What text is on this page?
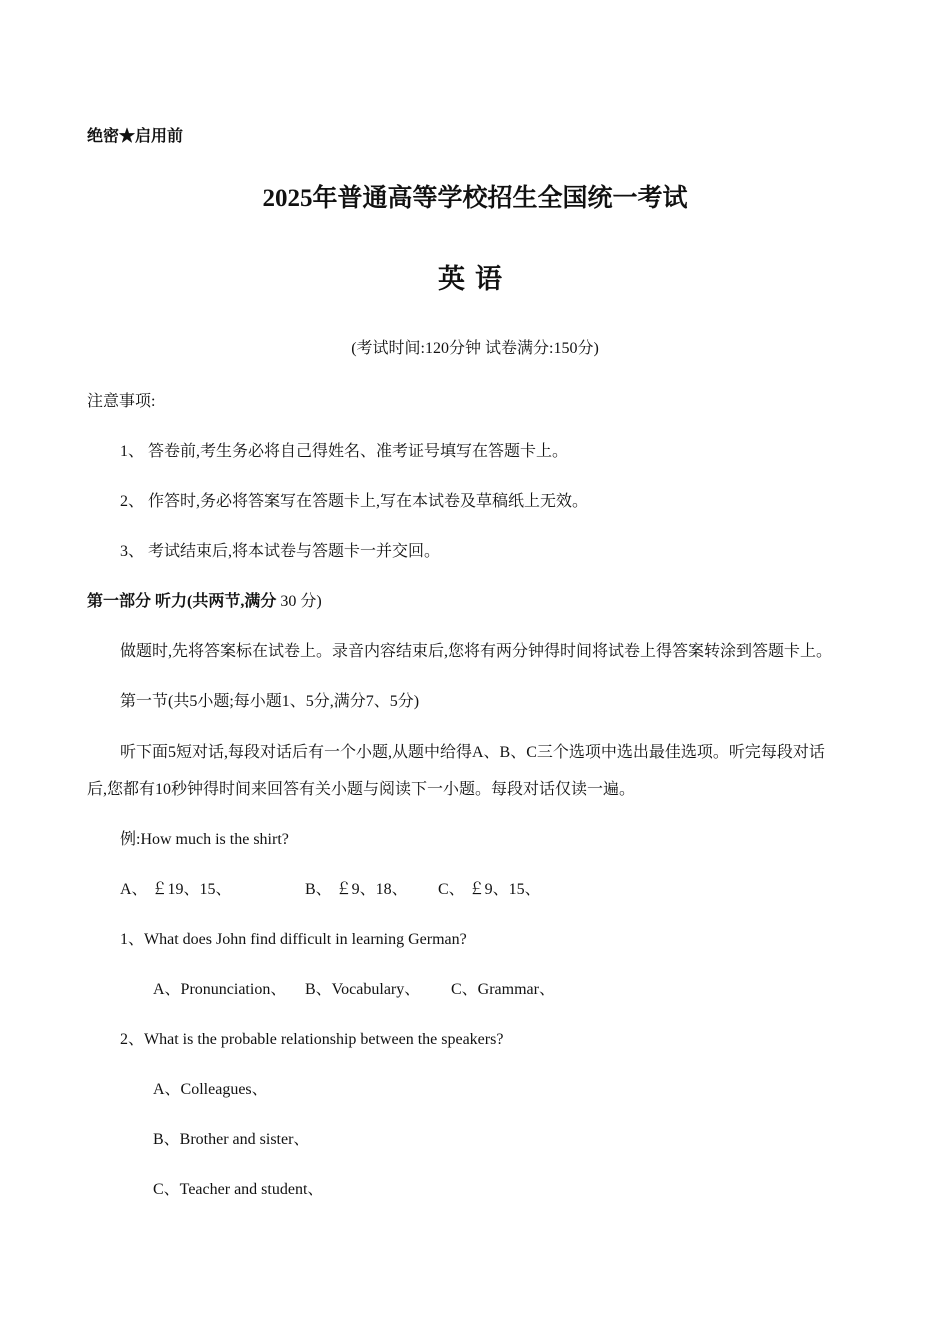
绝密★启用前
2025年普通高等学校招生全国统一考试
英语
(考试时间:120分钟 试卷满分:150分)
注意事项:
1、 答卷前,考生务必将自己得姓名、准考证号填写在答题卡上。
2、 作答时,务必将答案写在答题卡上,写在本试卷及草稿纸上无效。
3、 考试结束后,将本试卷与答题卡一并交回。
第一部分 听力(共两节,满分 30 分)
做题时,先将答案标在试卷上。录音内容结束后,您将有两分钟得时间将试卷上得答案转涂到答题卡上。
第一节(共5小题;每小题1、5分,满分7、5分)
听下面5短对话,每段对话后有一个小题,从题中给得A、B、C三个选项中选出最佳选项。听完每段对话后,您都有10秒钟得时间来回答有关小题与阅读下一小题。每段对话仅读一遍。
例:How much is the shirt?
A、 ￡19、15、	B、 ￡9、18、 C、 ￡9、15、
1、What does John find difficult in learning German?
A、Pronunciation、 B、Vocabulary、 C、Grammar、
2、What is the probable relationship between the speakers?
A、Colleagues、
B、Brother and sister、
C、Teacher and student、
